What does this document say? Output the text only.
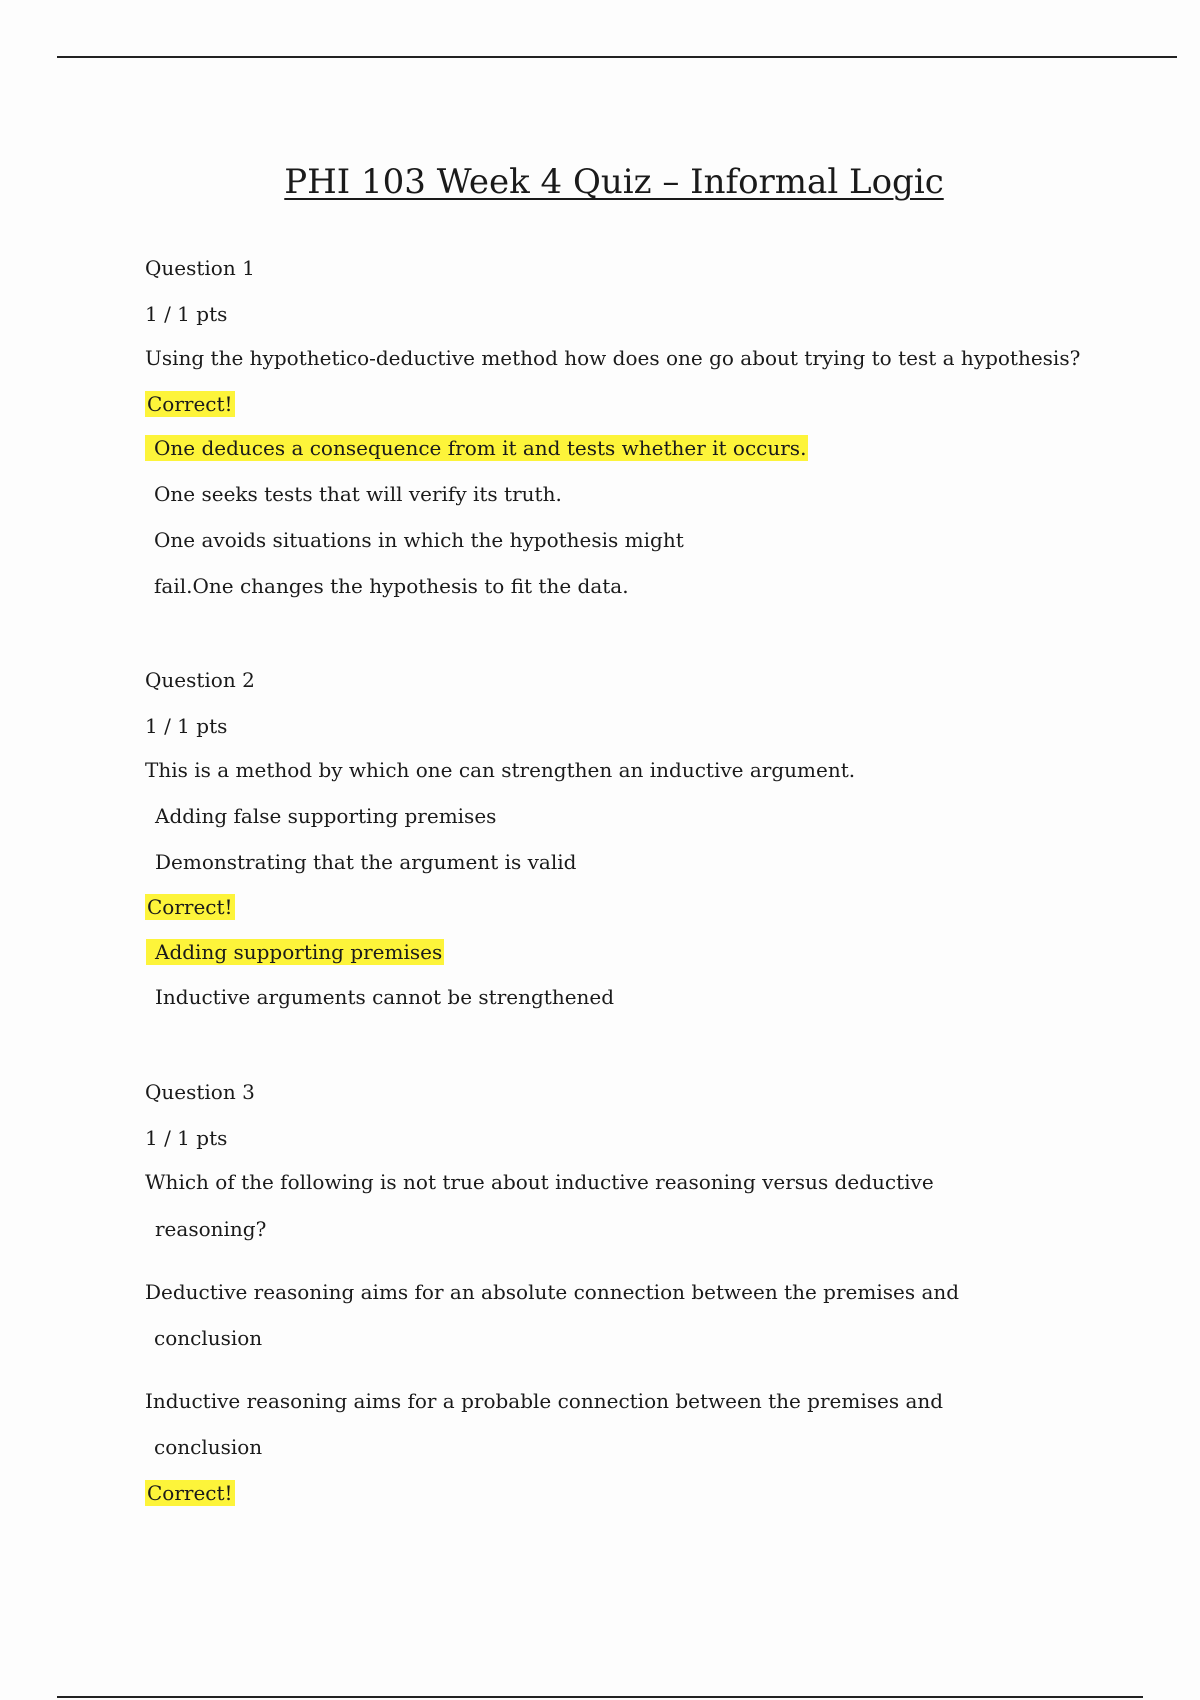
PHI 103 Week 4 Quiz – Informal Logic
Question 1
1 / 1 pts
Using the hypothetico-deductive method how does one go about trying to test a hypothesis?
Correct!
One deduces a consequence from it and tests whether it occurs.
One seeks tests that will verify its truth.
One avoids situations in which the hypothesis might
fail.One changes the hypothesis to fit the data.
Question 2
1 / 1 pts
This is a method by which one can strengthen an inductive argument.
Adding false supporting premises
Demonstrating that the argument is valid
Correct!
Adding supporting premises
Inductive arguments cannot be strengthened
Question 3
1 / 1 pts
Which of the following is not true about inductive reasoning versus deductive
reasoning?
Deductive reasoning aims for an absolute connection between the premises and
conclusion
Inductive reasoning aims for a probable connection between the premises and
conclusion
Correct!
